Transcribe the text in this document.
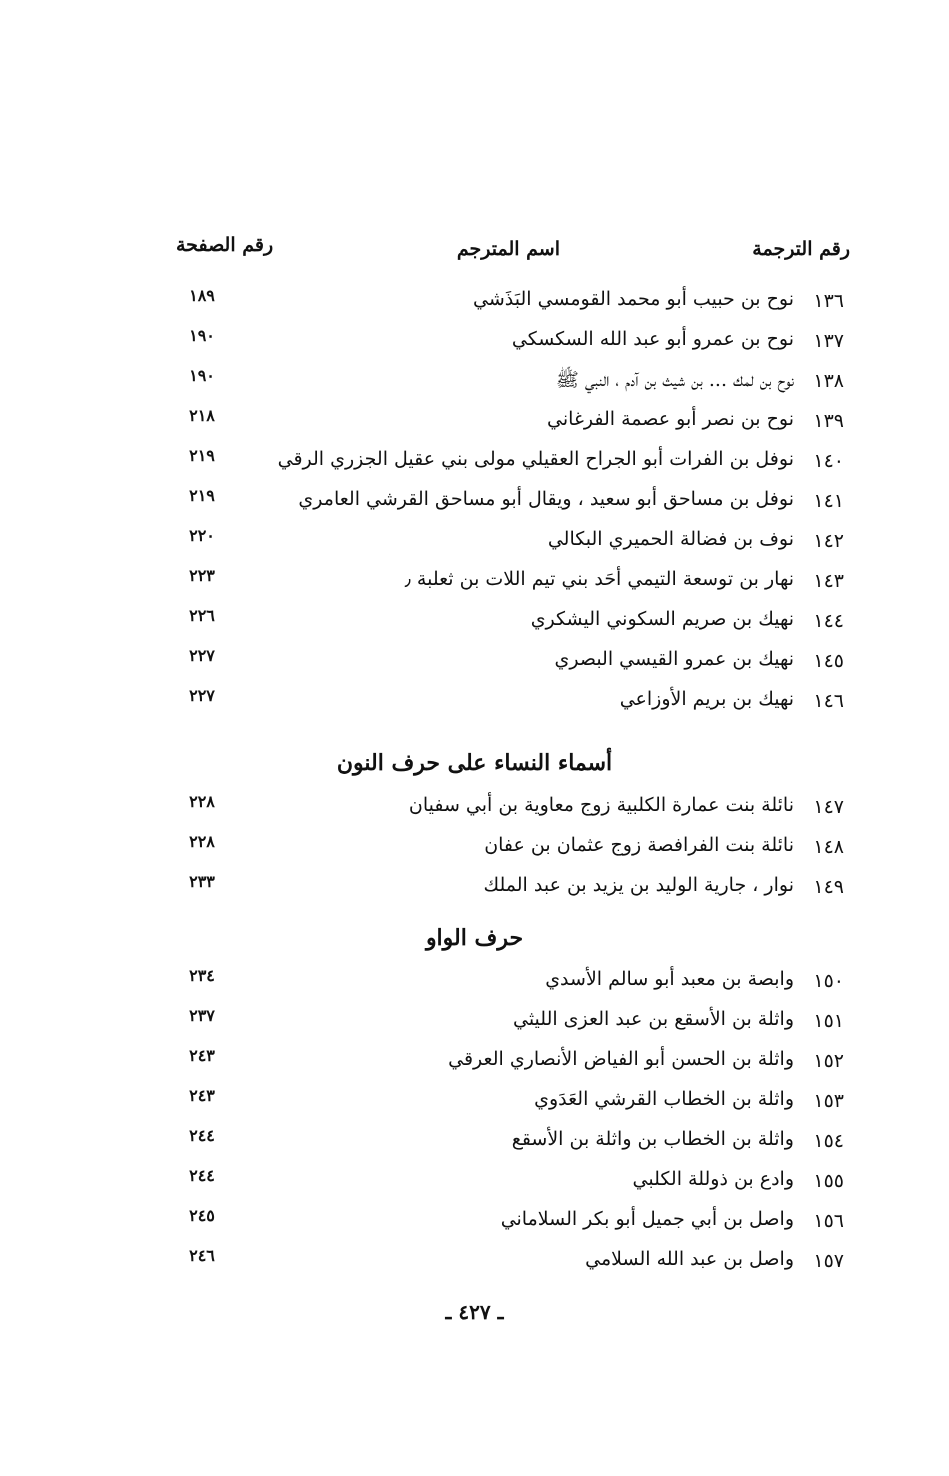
رقم الترجمة
اسم المترجم
رقم الصفحة
١٣٦
نوح بن حبيب أبو محمد القومسي البَذَشي
١٨٩
١٣٧
نوح بن عمرو أبو عبد الله السكسكي
١٩٠
١٣٨
نوح بن لمك ... بن شيث بن آدم ، النبي ﷺ
١٩٠
١٣٩
نوح بن نصر أبو عصمة الفرغاني
٢١٨
١٤٠
نوفل بن الفرات أبو الجراح العقيلي مولى بني عقيل الجزري الرقي
٢١٩
١٤١
نوفل بن مساحق أبو سعيد ، ويقال أبو مساحق القرشي العامري
٢١٩
١٤٢
نوف بن فضالة الحميري البكالي
٢٢٠
١٤٣
نهار بن توسعة التيمي أحَد بني تيم اللات بن ثعلبة ٫
٢٢٣
١٤٤
نهيك بن صريم السكوني اليشكري
٢٢٦
١٤٥
نهيك بن عمرو القيسي البصري
٢٢٧
١٤٦
نهيك بن بريم الأوزاعي
٢٢٧
أسماء النساء على حرف النون
١٤٧
نائلة بنت عمارة الكلبية زوج معاوية بن أبي سفيان
٢٢٨
١٤٨
نائلة بنت الفرافصة زوج عثمان بن عفان
٢٢٨
١٤٩
نوار ، جارية الوليد بن يزيد بن عبد الملك
٢٣٣
حرف الواو
١٥٠
وابصة بن معبد أبو سالم الأسدي
٢٣٤
١٥١
واثلة بن الأسقع بن عبد العزى الليثي
٢٣٧
١٥٢
واثلة بن الحسن أبو الفياض الأنصاري العرقي
٢٤٣
١٥٣
واثلة بن الخطاب القرشي العَدَوي
٢٤٣
١٥٤
واثلة بن الخطاب بن واثلة بن الأسقع
٢٤٤
١٥٥
وادع بن ذوللة الكلبي
٢٤٤
١٥٦
واصل بن أبي جميل أبو بكر السلاماني
٢٤٥
١٥٧
واصل بن عبد الله السلامي
٢٤٦
ـ ٤٢٧ ـ
